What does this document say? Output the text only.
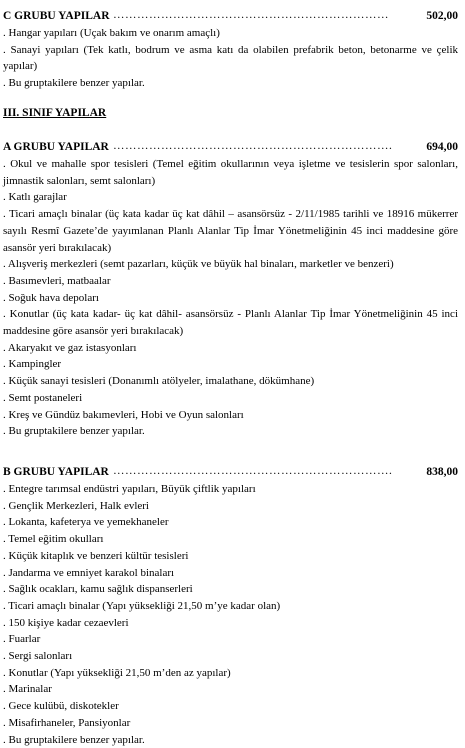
C GRUBU YAPILAR ……………………………………………………………	502,00
. Hangar yapıları (Uçak bakım ve onarım amaçlı)
. Sanayi yapıları (Tek katlı, bodrum ve asma katı da olabilen prefabrik beton, betonarme ve çelik yapılar)
. Bu gruptakilere benzer yapılar.
III. SINIF YAPILAR
A GRUBU YAPILAR …………………………………………………………….	694,00
. Okul ve mahalle spor tesisleri (Temel eğitim okullarının veya işletme ve tesislerin spor salonları, jimnastik salonları, semt salonları)
. Katlı garajlar
. Ticari amaçlı binalar (üç kata kadar üç kat dâhil – asansörsüz - 2/11/1985 tarihli ve 18916 mükerrer sayılı Resmî Gazete’de yayımlanan Planlı Alanlar Tip İmar Yönetmeliğinin 45 inci maddesine göre asansör yeri bırakılacak)
. Alışveriş merkezleri (semt pazarları, küçük ve büyük hal binaları, marketler ve benzeri)
. Basımevleri, matbaalar
. Soğuk hava depoları
. Konutlar (üç kata kadar- üç kat dâhil- asansörsüz - Planlı Alanlar Tip İmar Yönetmeliğinin 45 inci maddesine göre asansör yeri bırakılacak)
. Akaryakıt ve gaz istasyonları
. Kampingler
. Küçük sanayi tesisleri (Donanımlı atölyeler, imalathane, dökümhane)
. Semt postaneleri
. Kreş ve Gündüz bakımevleri, Hobi ve Oyun salonları
. Bu gruptakilere benzer yapılar.
B GRUBU YAPILAR …………………………………………………………….	838,00
. Entegre tarımsal endüstri yapıları, Büyük çiftlik yapıları
. Gençlik Merkezleri, Halk evleri
. Lokanta, kafeterya ve yemekhaneler
. Temel eğitim okulları
. Küçük kitaplık ve benzeri kültür tesisleri
. Jandarma ve emniyet karakol binaları
. Sağlık ocakları, kamu sağlık dispanserleri
. Ticari amaçlı binalar (Yapı yüksekliği 21,50 m’ye kadar olan)
. 150 kişiye kadar cezaevleri
. Fuarlar
. Sergi salonları
. Konutlar (Yapı yüksekliği 21,50 m’den az yapılar)
. Marinalar
. Gece kulübü, diskotekler
. Misafirhaneler, Pansiyonlar
. Bu gruptakilere benzer yapılar.
